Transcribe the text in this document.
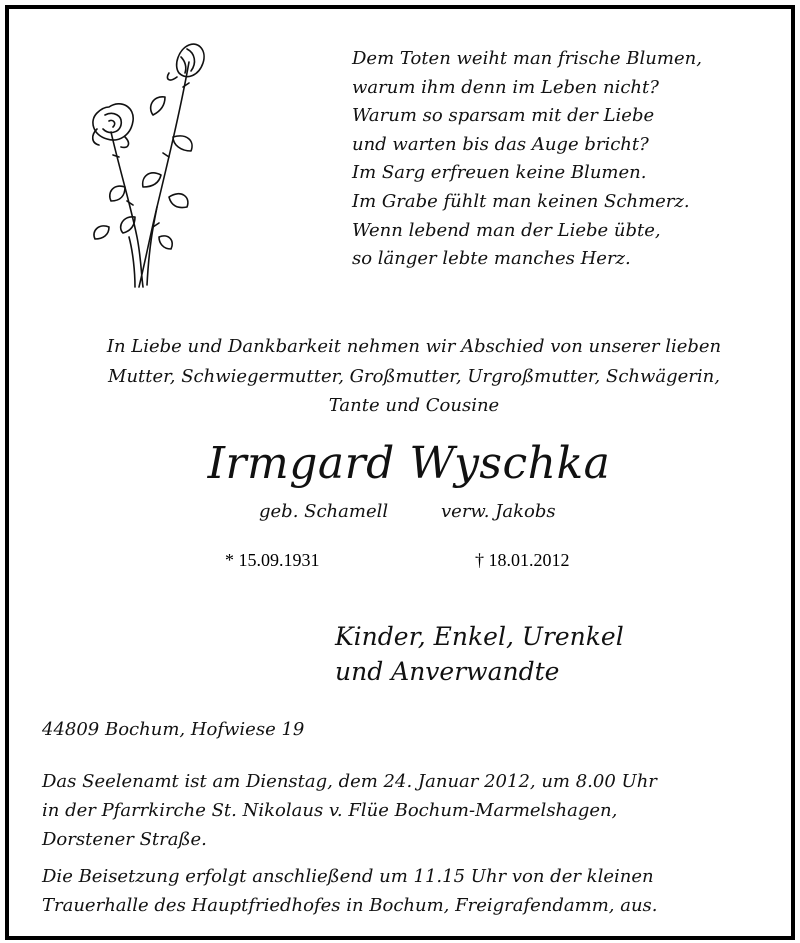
Dem Toten weiht man frische Blumen,
warum ihm denn im Leben nicht?
Warum so sparsam mit der Liebe
und warten bis das Auge bricht?
Im Sarg erfreuen keine Blumen.
Im Grabe fühlt man keinen Schmerz.
Wenn lebend man der Liebe übte,
so länger lebte manches Herz.
In Liebe und Dankbarkeit nehmen wir Abschied von unserer lieben
Mutter, Schwiegermutter, Großmutter, Urgroßmutter, Schwägerin,
Tante und Cousine
Irmgard Wyschka
geb. Schamell	verw. Jakobs
* 15.09.1931	† 18.01.2012
Kinder, Enkel, Urenkel
und Anverwandte
44809 Bochum, Hofwiese 19
Das Seelenamt ist am Dienstag, dem 24. Januar 2012, um 8.00 Uhr
in der Pfarrkirche St. Nikolaus v. Flüe Bochum-Marmelshagen,
Dorstener Straße.
Die Beisetzung erfolgt anschließend um 11.15 Uhr von der kleinen
Trauerhalle des Hauptfriedhofes in Bochum, Freigrafendamm, aus.
